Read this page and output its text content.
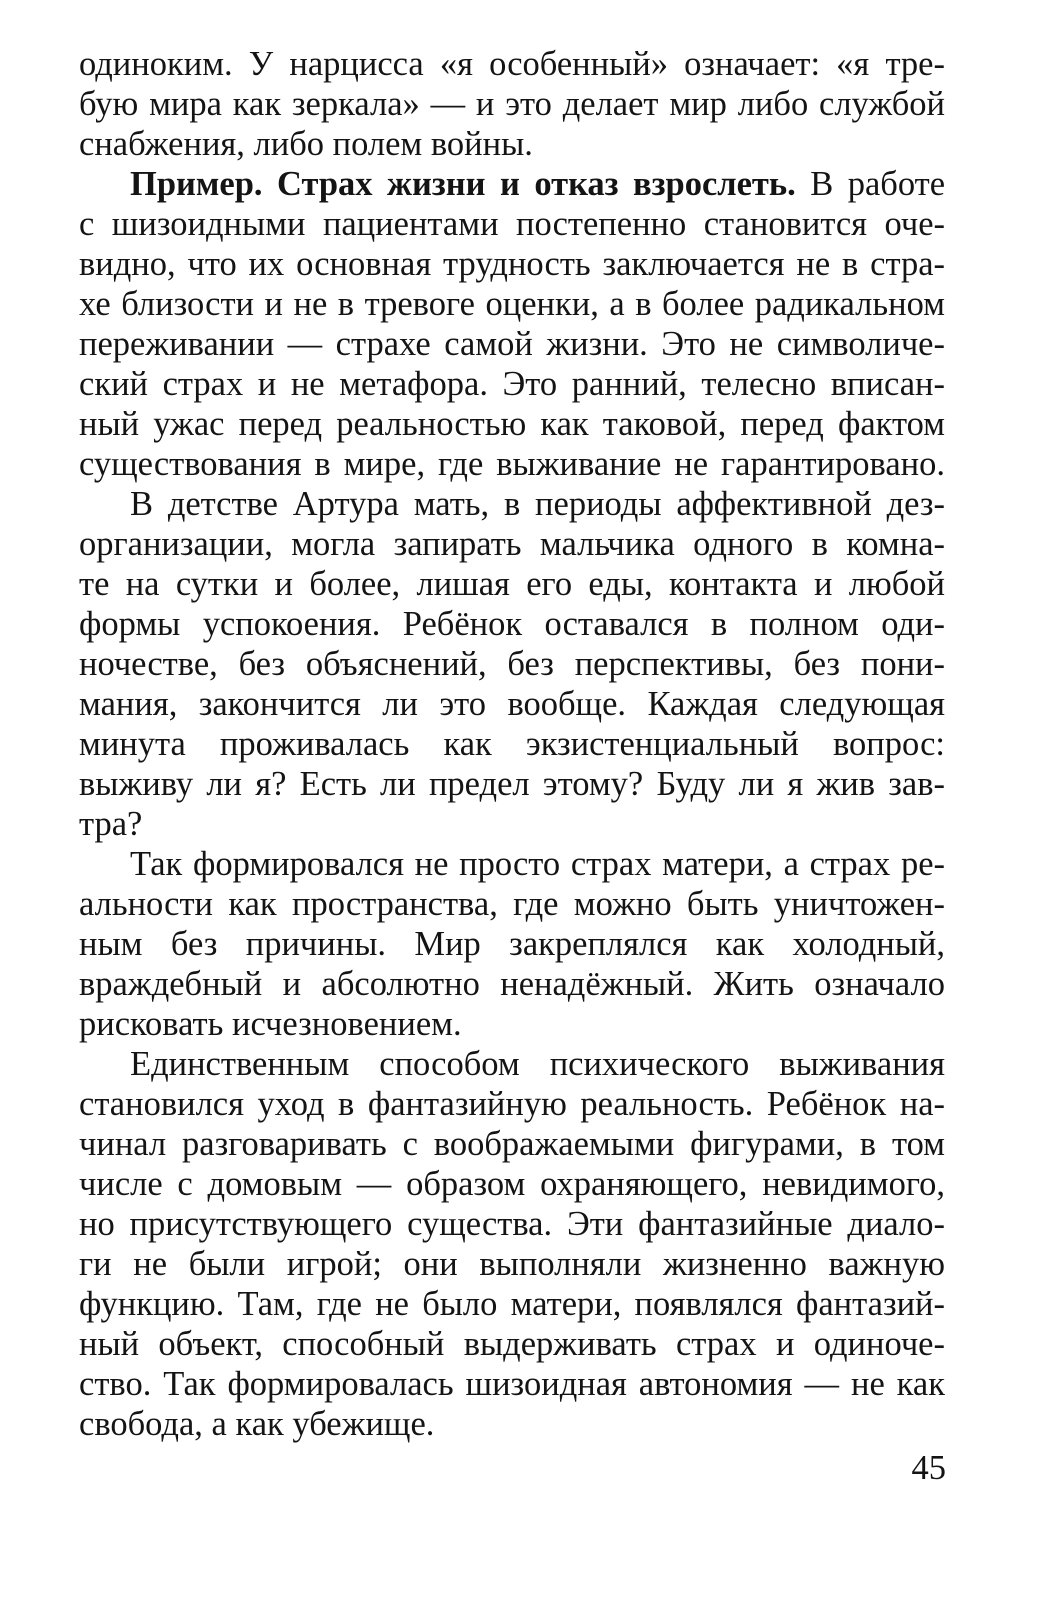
одиноким. У нарцисса «я особенный» означает: «я тре-
бую мира как зеркала» — и это делает мир либо службой
снабжения, либо полем войны.
Пример. Страх жизни и отказ взрослеть. В работе
с шизоидными пациентами постепенно становится оче-
видно, что их основная трудность заключается не в стра-
хе близости и не в тревоге оценки, а в более радикальном
переживании — страхе самой жизни. Это не символиче-
ский страх и не метафора. Это ранний, телесно вписан-
ный ужас перед реальностью как таковой, перед фактом
существования в мире, где выживание не гарантировано.
В детстве Артура мать, в периоды аффективной дез-
организации, могла запирать мальчика одного в комна-
те на сутки и более, лишая его еды, контакта и любой
формы успокоения. Ребёнок оставался в полном оди-
ночестве, без объяснений, без перспективы, без пони-
мания, закончится ли это вообще. Каждая следующая
минута проживалась как экзистенциальный вопрос:
выживу ли я? Есть ли предел этому? Буду ли я жив зав-
тра?
Так формировался не просто страх матери, а страх ре-
альности как пространства, где можно быть уничтожен-
ным без причины. Мир закреплялся как холодный,
враждебный и абсолютно ненадёжный. Жить означало
рисковать исчезновением.
Единственным способом психического выживания
становился уход в фантазийную реальность. Ребёнок на-
чинал разговаривать с воображаемыми фигурами, в том
числе с домовым — образом охраняющего, невидимого,
но присутствующего существа. Эти фантазийные диало-
ги не были игрой; они выполняли жизненно важную
функцию. Там, где не было матери, появлялся фантазий-
ный объект, способный выдерживать страх и одиноче-
ство. Так формировалась шизоидная автономия — не как
свобода, а как убежище.
45
